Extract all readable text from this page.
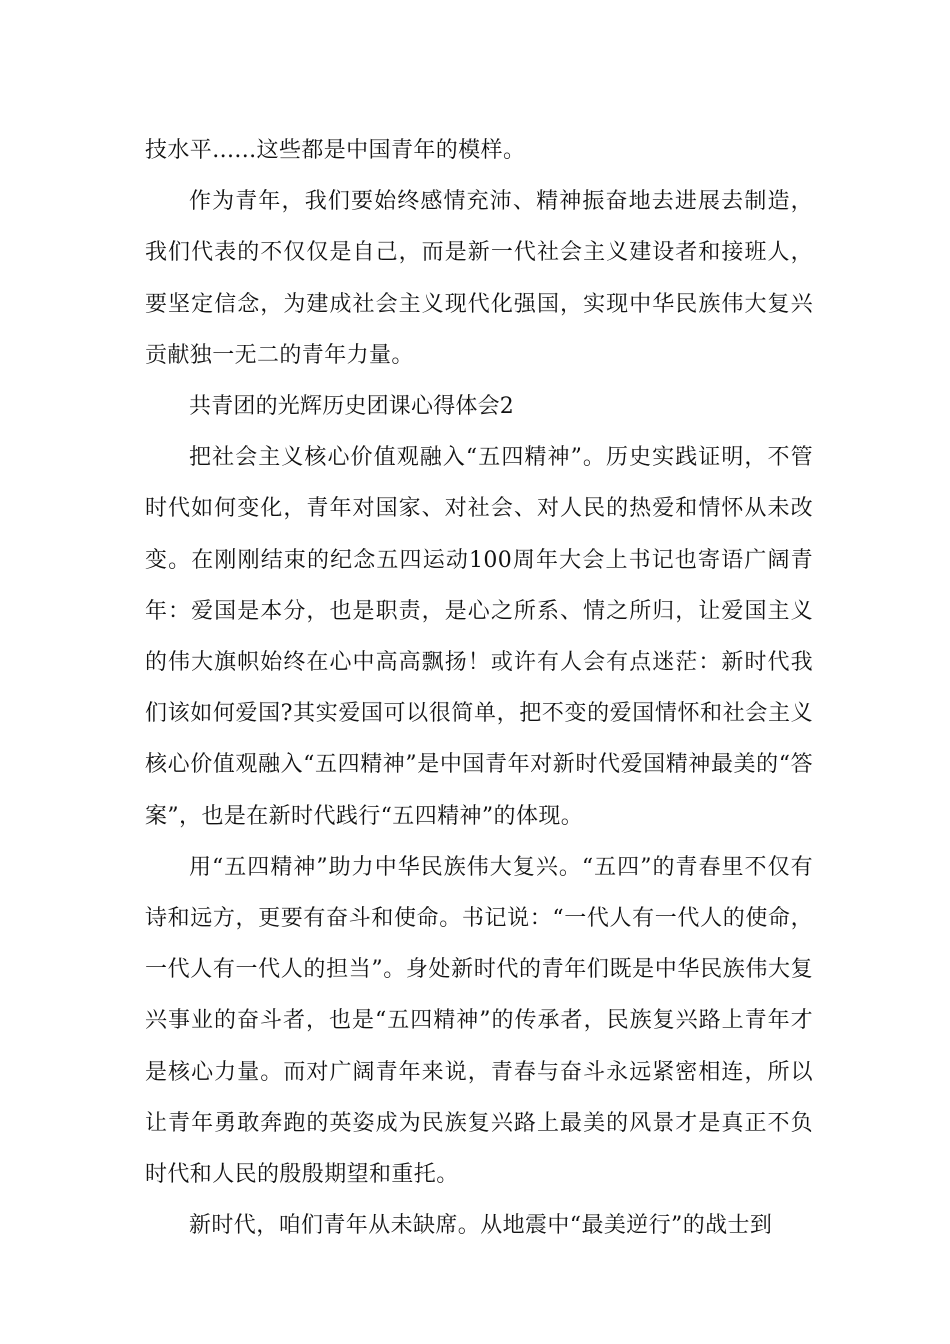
技水平......这些都是中国青年的模样。

作为青年，我们要始终感情充沛、精神振奋地去进展去制造，我们代表的不仅仅是自己，而是新一代社会主义建设者和接班人，要坚定信念，为建成社会主义现代化强国，实现中华民族伟大复兴贡献独一无二的青年力量。

共青团的光辉历史团课心得体会2

把社会主义核心价值观融入“五四精神”。历史实践证明，不管时代如何变化，青年对国家、对社会、对人民的热爱和情怀从未改变。在刚刚结束的纪念五四运动100周年大会上书记也寄语广阔青年：爱国是本分，也是职责，是心之所系、情之所归，让爱国主义的伟大旗帜始终在心中高高飘扬！或许有人会有点迷茫：新时代我们该如何爱国?其实爱国可以很简单，把不变的爱国情怀和社会主义核心价值观融入“五四精神”是中国青年对新时代爱国精神最美的“答案”，也是在新时代践行“五四精神”的体现。

用“五四精神”助力中华民族伟大复兴。“五四”的青春里不仅有诗和远方，更要有奋斗和使命。书记说：“一代人有一代人的使命，一代人有一代人的担当”。身处新时代的青年们既是中华民族伟大复兴事业的奋斗者，也是“五四精神”的传承者，民族复兴路上青年才是核心力量。而对广阔青年来说，青春与奋斗永远紧密相连，所以让青年勇敢奔跑的英姿成为民族复兴路上最美的风景才是真正不负时代和人民的殷殷期望和重托。

新时代，咱们青年从未缺席。从地震中“最美逆行”的战士到
